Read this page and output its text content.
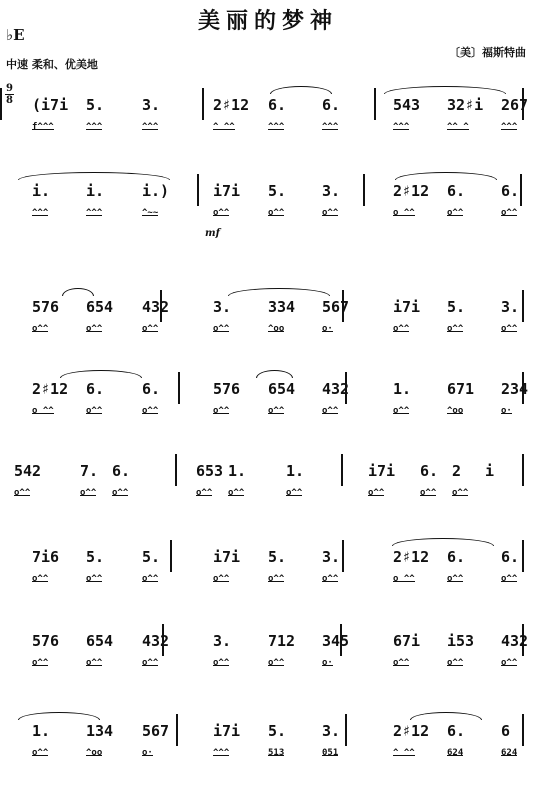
美丽的梦神
♭E
中速 柔和、优美地
〔美〕福斯特曲
9
8 (i7i 5.	3.	2♯12 6. 6.	543 32♯i 267
f^^^	^^^	^^^	^ ^^	^^^	^^^	^^^	^^ ^	^^^
i. i.	i.)	i7i 5. 3.	2♯12 6. 6.
^^^	^^^	^~~	o^^	o^^	o^^	o ^^	o^^	o^^
mf
576 654 432	3. 334 567	i7i 5. 3.
o^^	o^^	o^^	o^^	^oo	o·	o^^	o^^	o^^
2♯12 6.	6.	576 654 432	1. 671 234
o ^^	o^^	o^^	o^^	o^^	o^^	o^^	^oo	o·
542	7. 6.	653 1.	1.	i7i 6. 2 i
o^^	o^^ o^^	o^^ o^^	o^^	o^^	o^^ o^^
7i6 5.	5.	i7i 5. 3.	2♯12 6. 6.
o^^	o^^	o^^	o^^	o^^	o^^	o ^^	o^^	o^^
576 654 432	3. 712 345	67i i53 432
o^^	o^^	o^^	o^^	o^^	o·	o^^	o^^	o^^
1. 134 567	i7i 5. 3.	2♯12 6. 6
o^^	^oo	o·	^^^	513	051	^ ^^	624	624
